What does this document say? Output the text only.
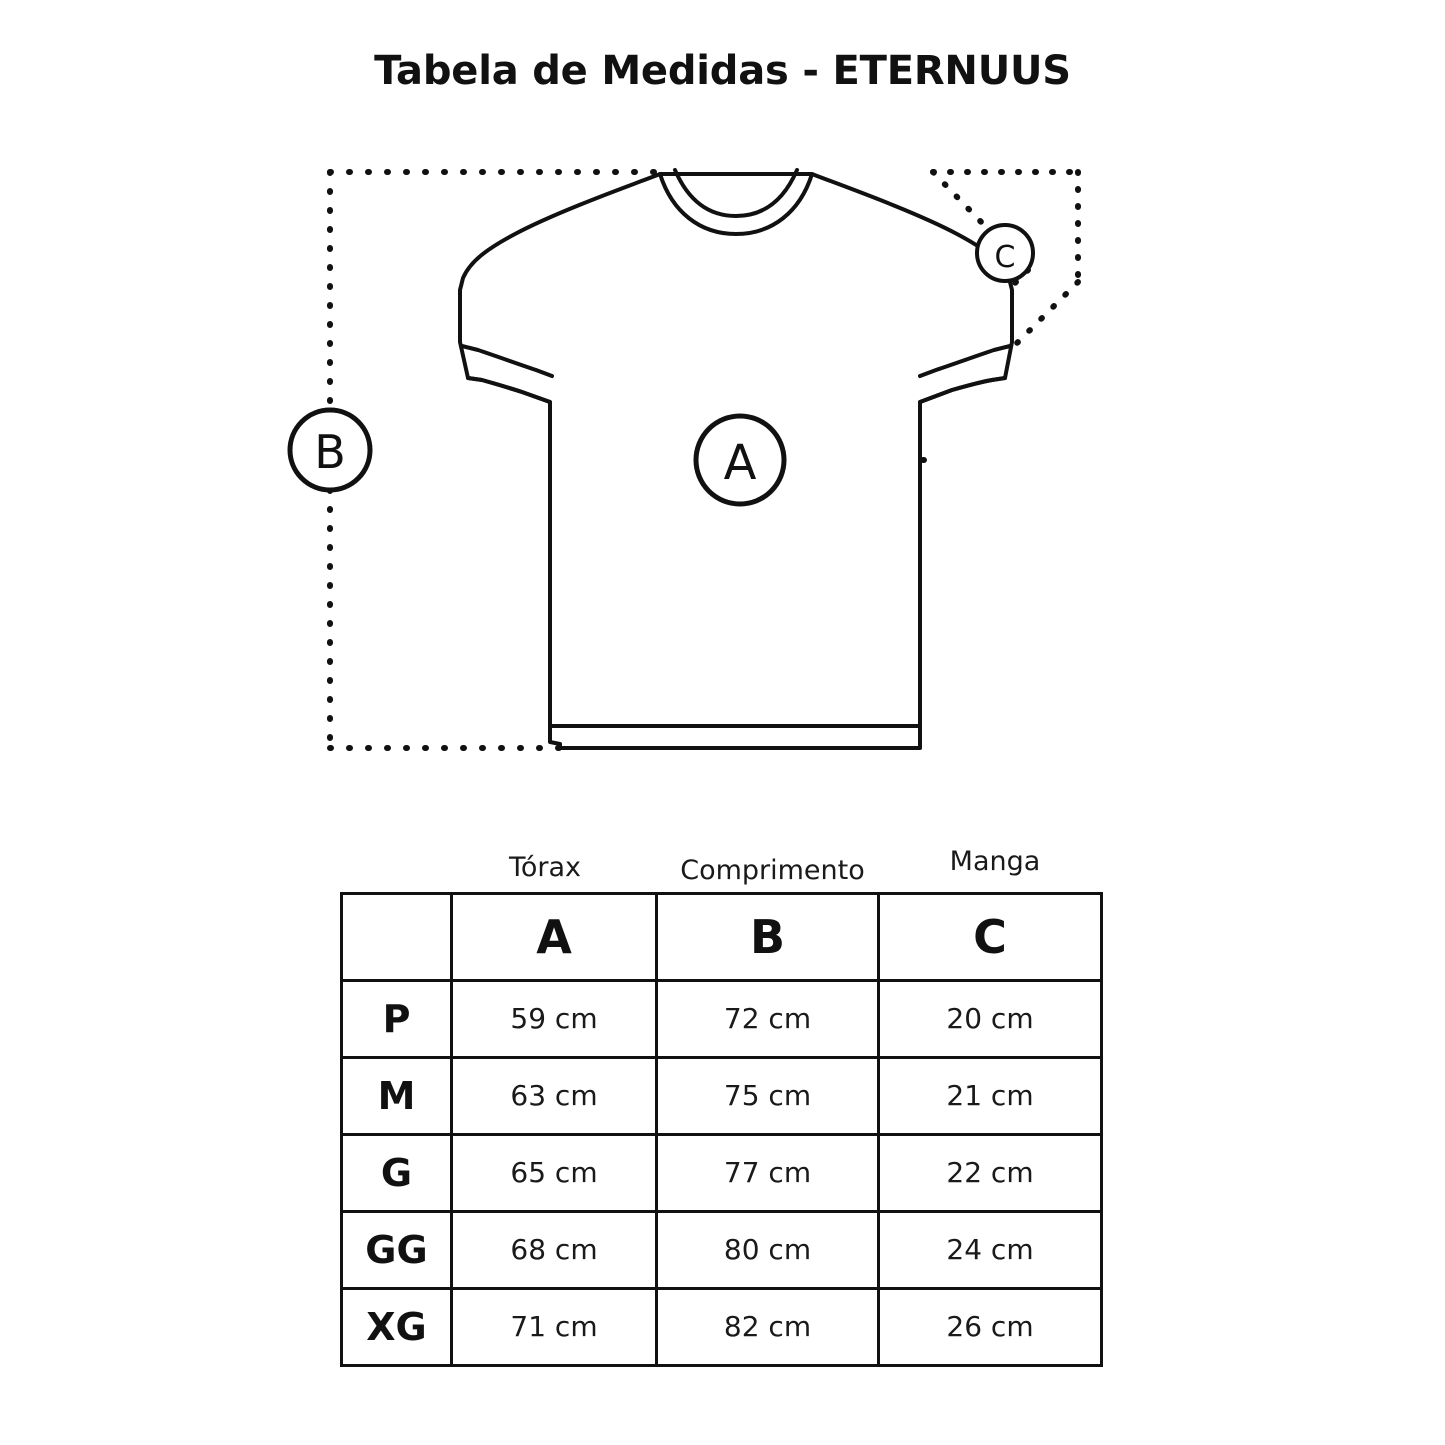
Tabela de Medidas - ETERNUUS
A
B
C
Tórax	Comprimento	Manga
	A	B	C
P	59 cm	72 cm	20 cm
M	63 cm	75 cm	21 cm
G	65 cm	77 cm	22 cm
GG	68 cm	80 cm	24 cm
XG	71 cm	82 cm	26 cm
